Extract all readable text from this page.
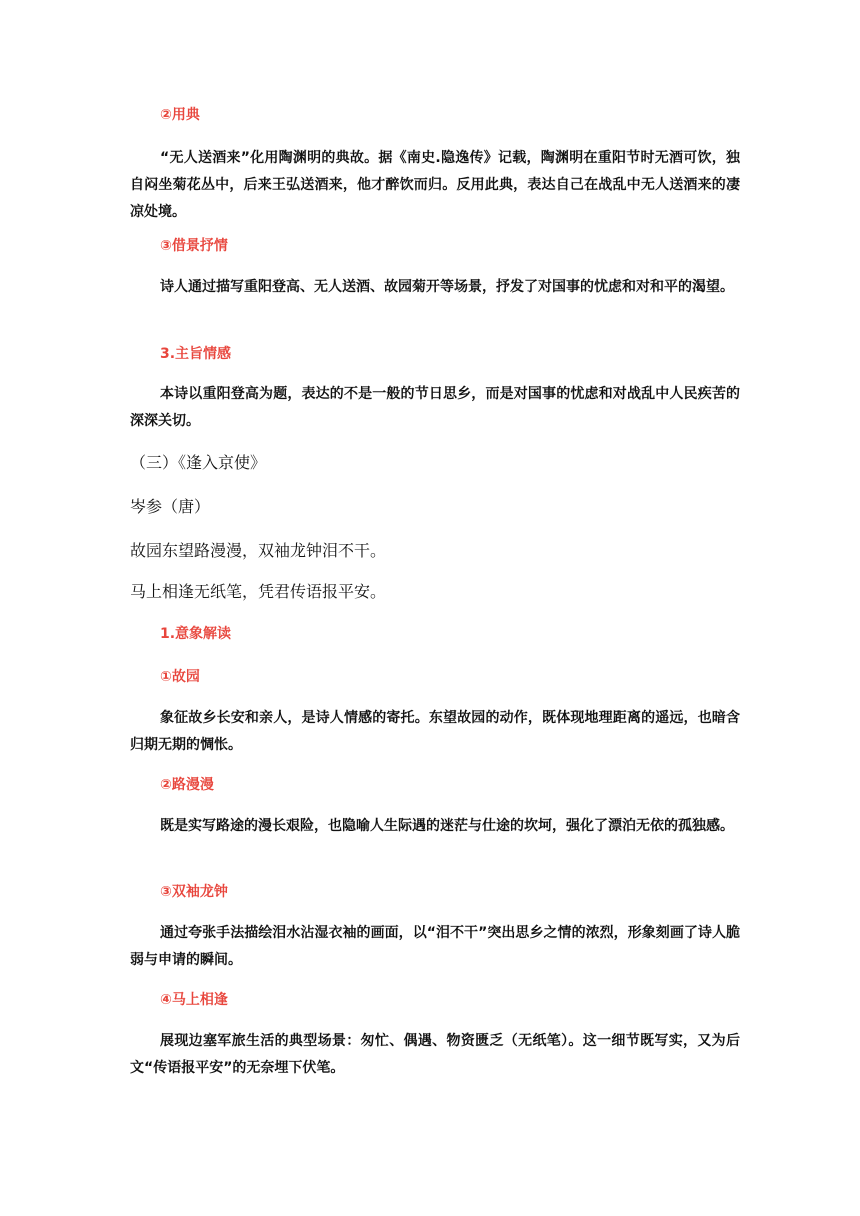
②用典
“无人送酒来”化用陶渊明的典故。据《南史.隐逸传》记载，陶渊明在重阳节时无酒可饮，独自闷坐菊花丛中，后来王弘送酒来，他才醉饮而归。反用此典，表达自己在战乱中无人送酒来的凄凉处境。
③借景抒情
诗人通过描写重阳登高、无人送酒、故园菊开等场景，抒发了对国事的忧虑和对和平的渴望。
3.主旨情感
本诗以重阳登高为题，表达的不是一般的节日思乡，而是对国事的忧虑和对战乱中人民疾苦的深深关切。
（三）《逢入京使》
岑参（唐）
故园东望路漫漫，双袖龙钟泪不干。
马上相逢无纸笔，凭君传语报平安。
1.意象解读
①故园
象征故乡长安和亲人，是诗人情感的寄托。东望故园的动作，既体现地理距离的遥远，也暗含归期无期的惆怅。
②路漫漫
既是实写路途的漫长艰险，也隐喻人生际遇的迷茫与仕途的坎坷，强化了漂泊无依的孤独感。
③双袖龙钟
通过夸张手法描绘泪水沾湿衣袖的画面，以“泪不干”突出思乡之情的浓烈，形象刻画了诗人脆弱与申请的瞬间。
④马上相逢
展现边塞军旅生活的典型场景：匆忙、偶遇、物资匮乏（无纸笔）。这一细节既写实，又为后文“传语报平安”的无奈埋下伏笔。
